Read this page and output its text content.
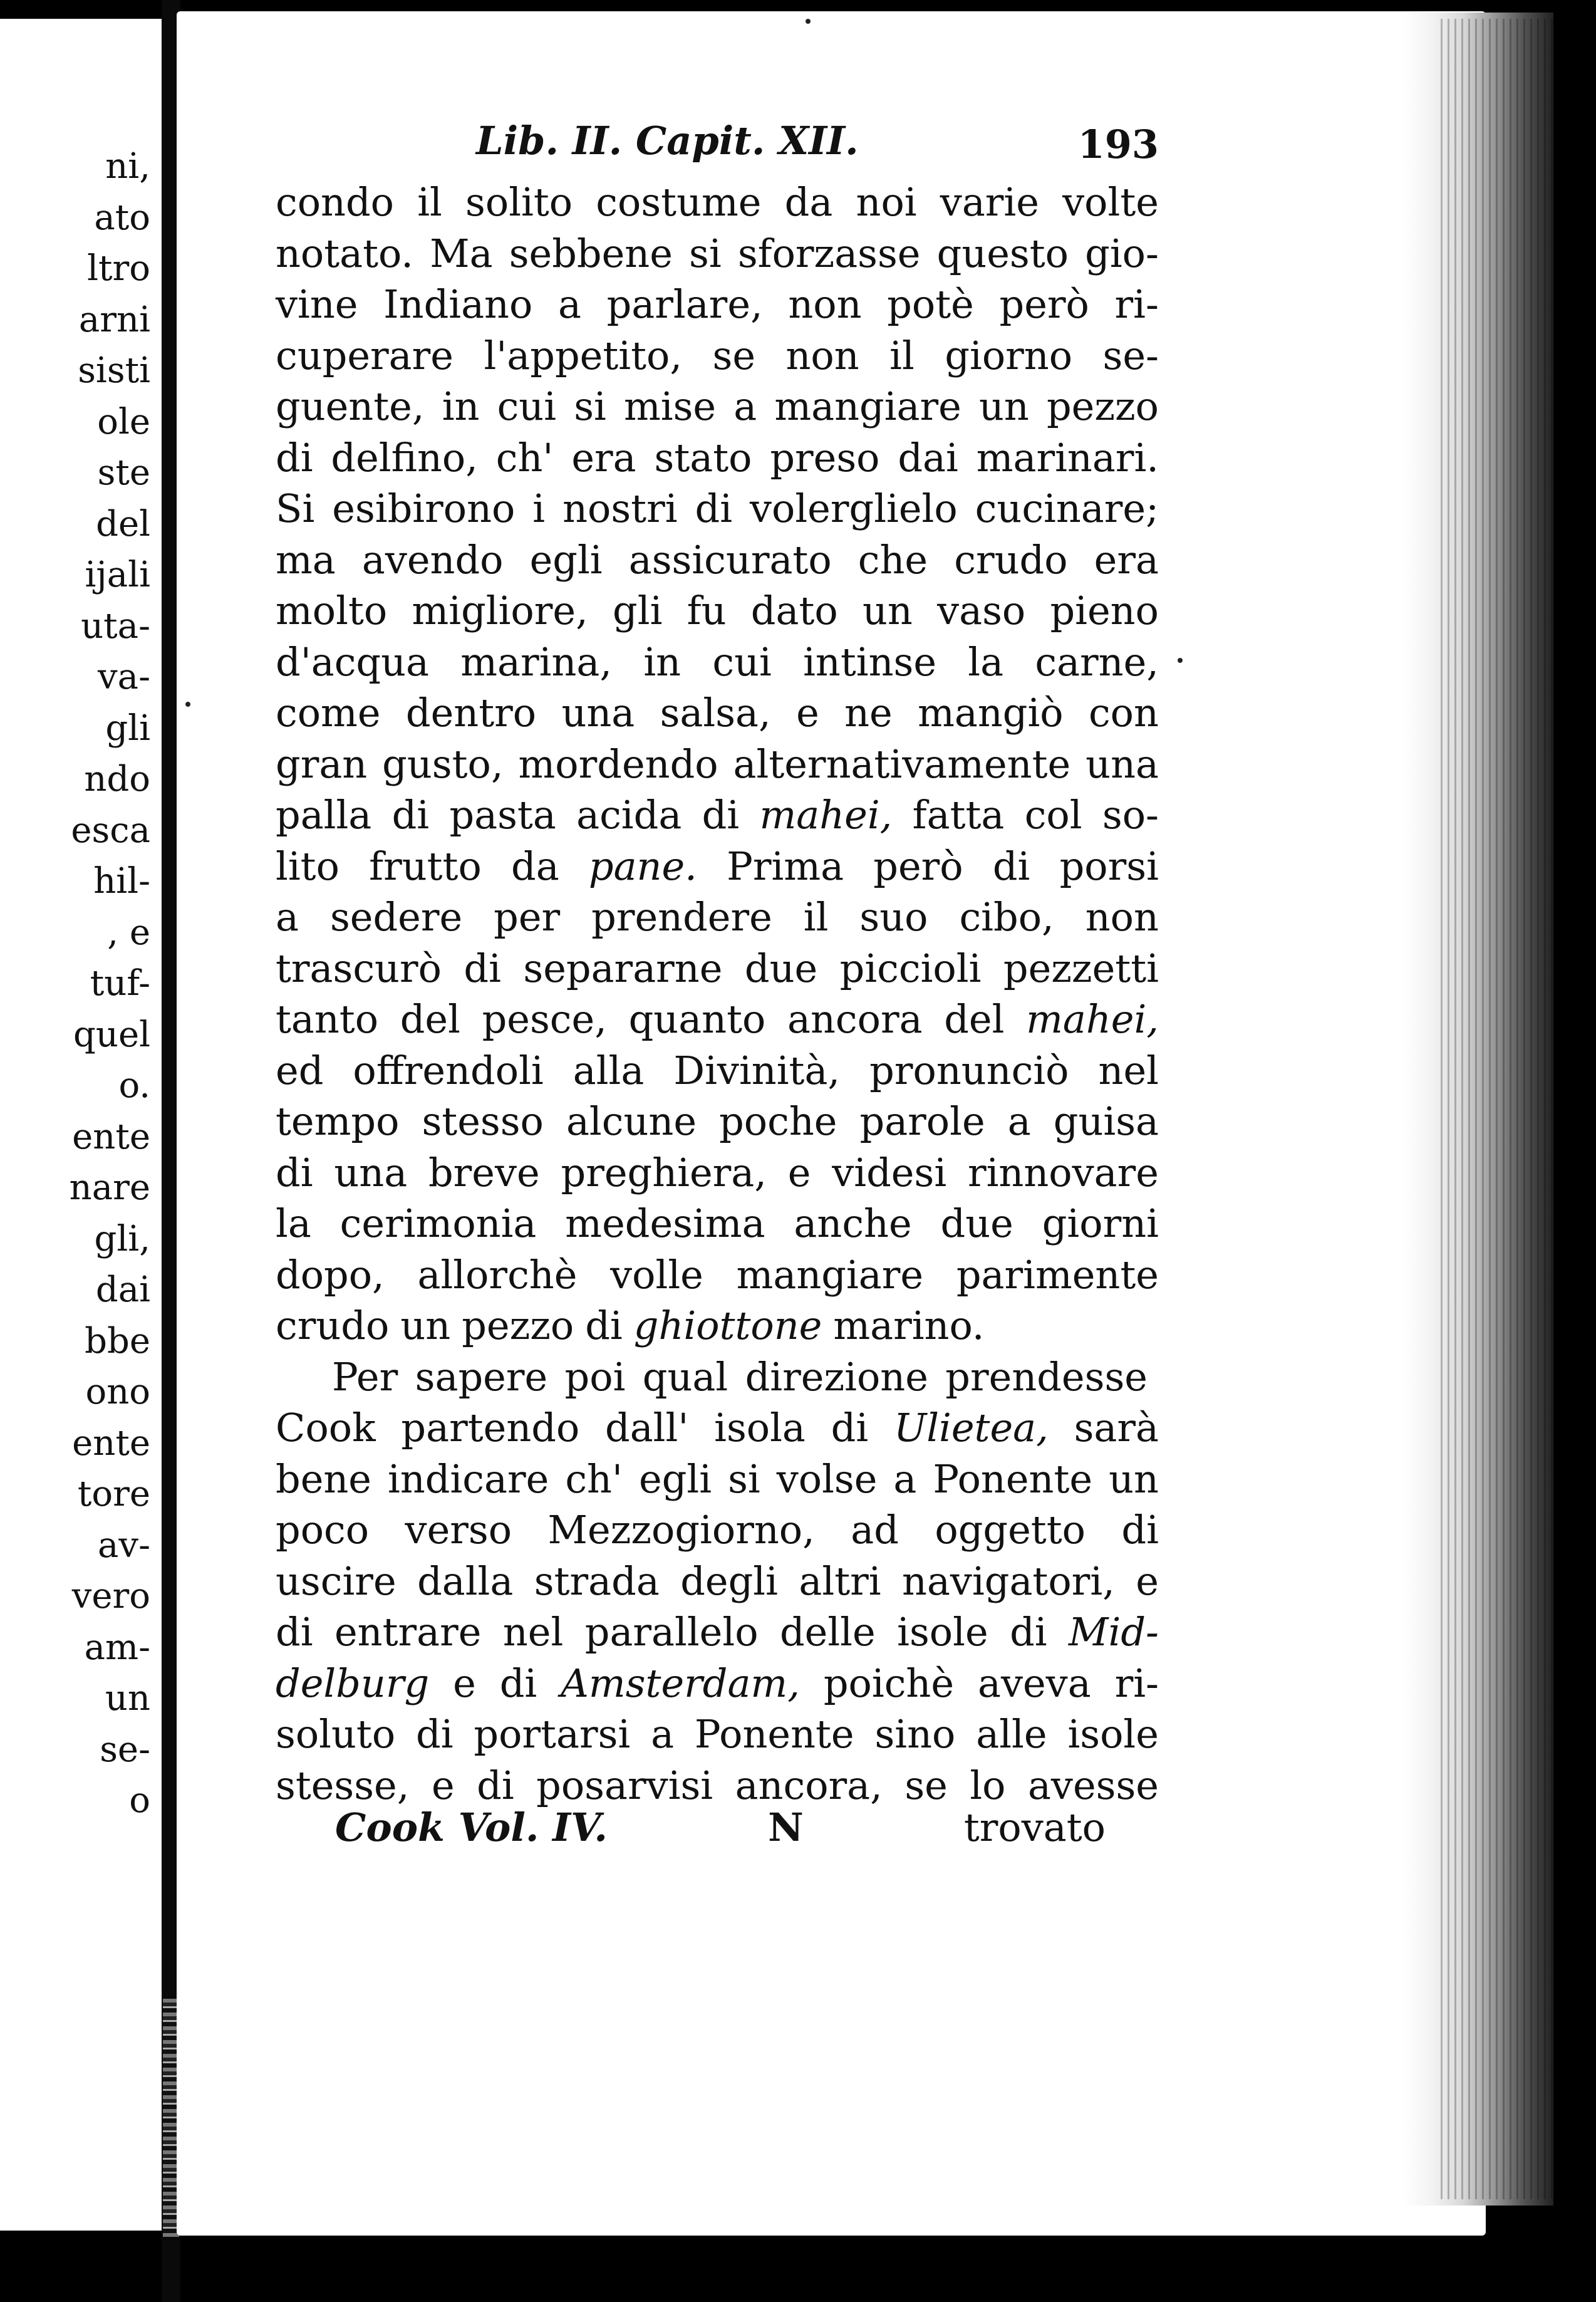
ni,
ato
ltro
arni
sisti
ole
ste
del
ijali
uta-
va-
gli
ndo
esca
hil-
, e
tuf-
quel
o.
ente
nare
gli,
dai
bbe
ono
ente
tore
av-
vero
am-
un
se-
o
Lib. II. Capit. XII.	193
condo il solito costume da noi varie volte
notato. Ma sebbene si sforzasse questo gio-
vine Indiano a parlare, non potè però ri-
cuperare l'appetito, se non il giorno se-
guente, in cui si mise a mangiare un pezzo
di delfino, ch' era stato preso dai marinari.
Si esibirono i nostri di volerglielo cucinare;
ma avendo egli assicurato che crudo era
molto migliore, gli fu dato un vaso pieno
d'acqua marina, in cui intinse la carne,
come dentro una salsa, e ne mangiò con
gran gusto, mordendo alternativamente una
palla di pasta acida di mahei, fatta col so-
lito frutto da pane. Prima però di porsi
a sedere per prendere il suo cibo, non
trascurò di separarne due piccioli pezzetti
tanto del pesce, quanto ancora del mahei,
ed offrendoli alla Divinità, pronunciò nel
tempo stesso alcune poche parole a guisa
di una breve preghiera, e videsi rinnovare
la cerimonia medesima anche due giorni
dopo, allorchè volle mangiare parimente
crudo un pezzo di ghiottone marino.
Per sapere poi qual direzione prendesse
Cook partendo dall' isola di Ulietea, sarà
bene indicare ch' egli si volse a Ponente un
poco verso Mezzogiorno, ad oggetto di
uscire dalla strada degli altri navigatori, e
di entrare nel parallelo delle isole di Mid-
delburg e di Amsterdam, poichè aveva ri-
soluto di portarsi a Ponente sino alle isole
stesse, e di posarvisi ancora, se lo avesse
Cook Vol. IV.	N	trovato
